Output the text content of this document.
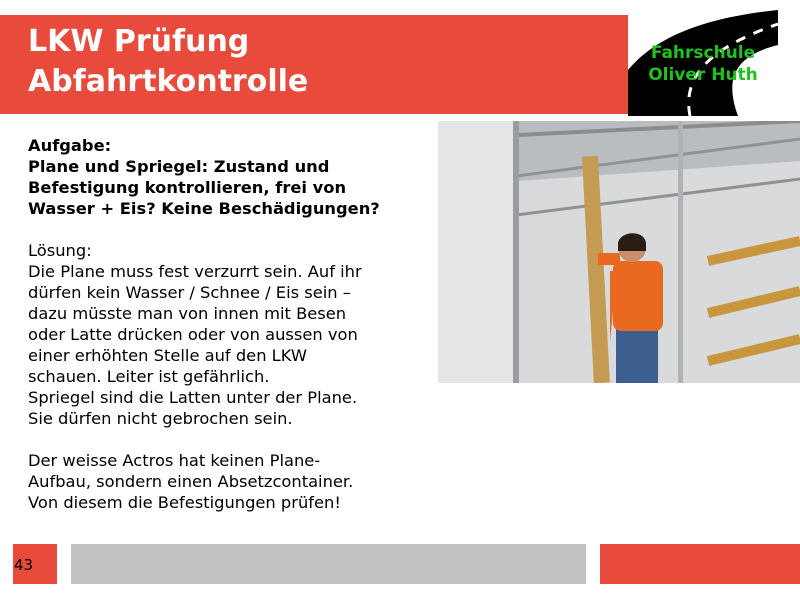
LKW Prüfung
Abfahrtkontrolle
Fahrschule
Oliver Huth

Aufgabe:

Plane und Spriegel: Zustand und

Befestigung kontrollieren, frei von

Wasser + Eis? Keine Beschädigungen?

Lösung:

Die Plane muss fest verzurrt sein. Auf ihr

dürfen kein Wasser / Schnee / Eis sein –

dazu müsste man von innen mit Besen

oder Latte drücken oder von aussen von

einer erhöhten Stelle auf den LKW

schauen. Leiter ist gefährlich.

Spriegel sind die Latten unter der Plane.

Sie dürfen nicht gebrochen sein.

Der weisse Actros hat keinen Plane-

Aufbau, sondern einen Absetzcontainer.

Von diesem die Befestigungen prüfen!

43
